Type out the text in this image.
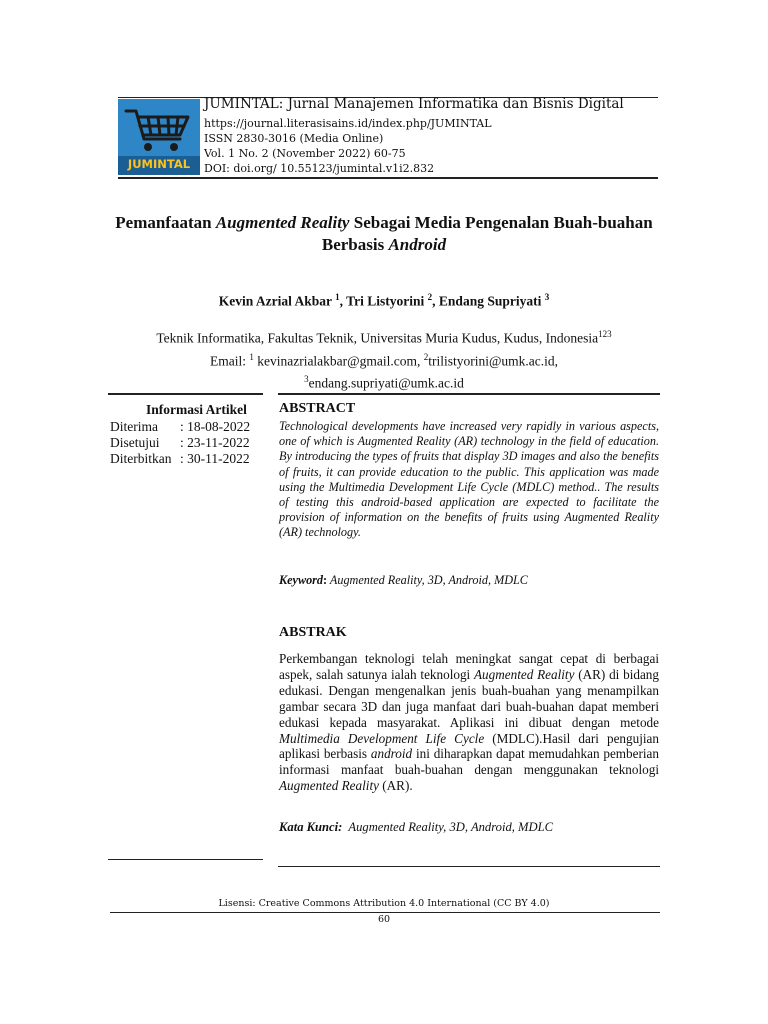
JUMINTAL
JUMINTAL: Jurnal Manajemen Informatika dan Bisnis Digital
https://journal.literasisains.id/index.php/JUMINTAL
ISSN 2830-3016 (Media Online)
Vol. 1 No. 2 (November 2022) 60-75
DOI: doi.org/ 10.55123/jumintal.v1i2.832
Pemanfaatan Augmented Reality Sebagai Media Pengenalan Buah-buahan Berbasis Android
Kevin Azrial Akbar $^1$, Tri Listyorini $^2$, Endang Supriyati $^3$
Teknik Informatika, Fakultas Teknik, Universitas Muria Kudus, Kudus, Indonesia$^{123}$
Email: $^1$ kevinazrialakbar@gmail.com, $^2$trilistyorini@umk.ac.id,
$^3$endang.supriyati@umk.ac.id
Informasi Artikel
Diterima : 18-08-2022
Disetujui : 23-11-2022
Diterbitkan : 30-11-2022
ABSTRACT
Technological developments have increased very rapidly in various aspects, one of which is Augmented Reality (AR) technology in the field of education. By introducing the types of fruits that display 3D images and also the benefits of fruits, it can provide education to the public. This application was made using the Multimedia Development Life Cycle (MDLC) method.. The results of testing this android-based application are expected to facilitate the provision of information on the benefits of fruits using Augmented Reality (AR) technology.
Keyword: Augmented Reality, 3D, Android, MDLC
ABSTRAK
Perkembangan teknologi telah meningkat sangat cepat di berbagai aspek, salah satunya ialah teknologi Augmented Reality (AR) di bidang edukasi. Dengan mengenalkan jenis buah-buahan yang menampilkan gambar secara 3D dan juga manfaat dari buah-buahan dapat memberi edukasi kepada masyarakat. Aplikasi ini dibuat dengan metode Multimedia Development Life Cycle (MDLC).Hasil dari pengujian aplikasi berbasis android ini diharapkan dapat memudahkan pemberian informasi manfaat buah-buahan dengan menggunakan teknologi Augmented Reality (AR).
Kata Kunci:  Augmented Reality, 3D, Android, MDLC
Lisensi: Creative Commons Attribution 4.0 International (CC BY 4.0)
60
